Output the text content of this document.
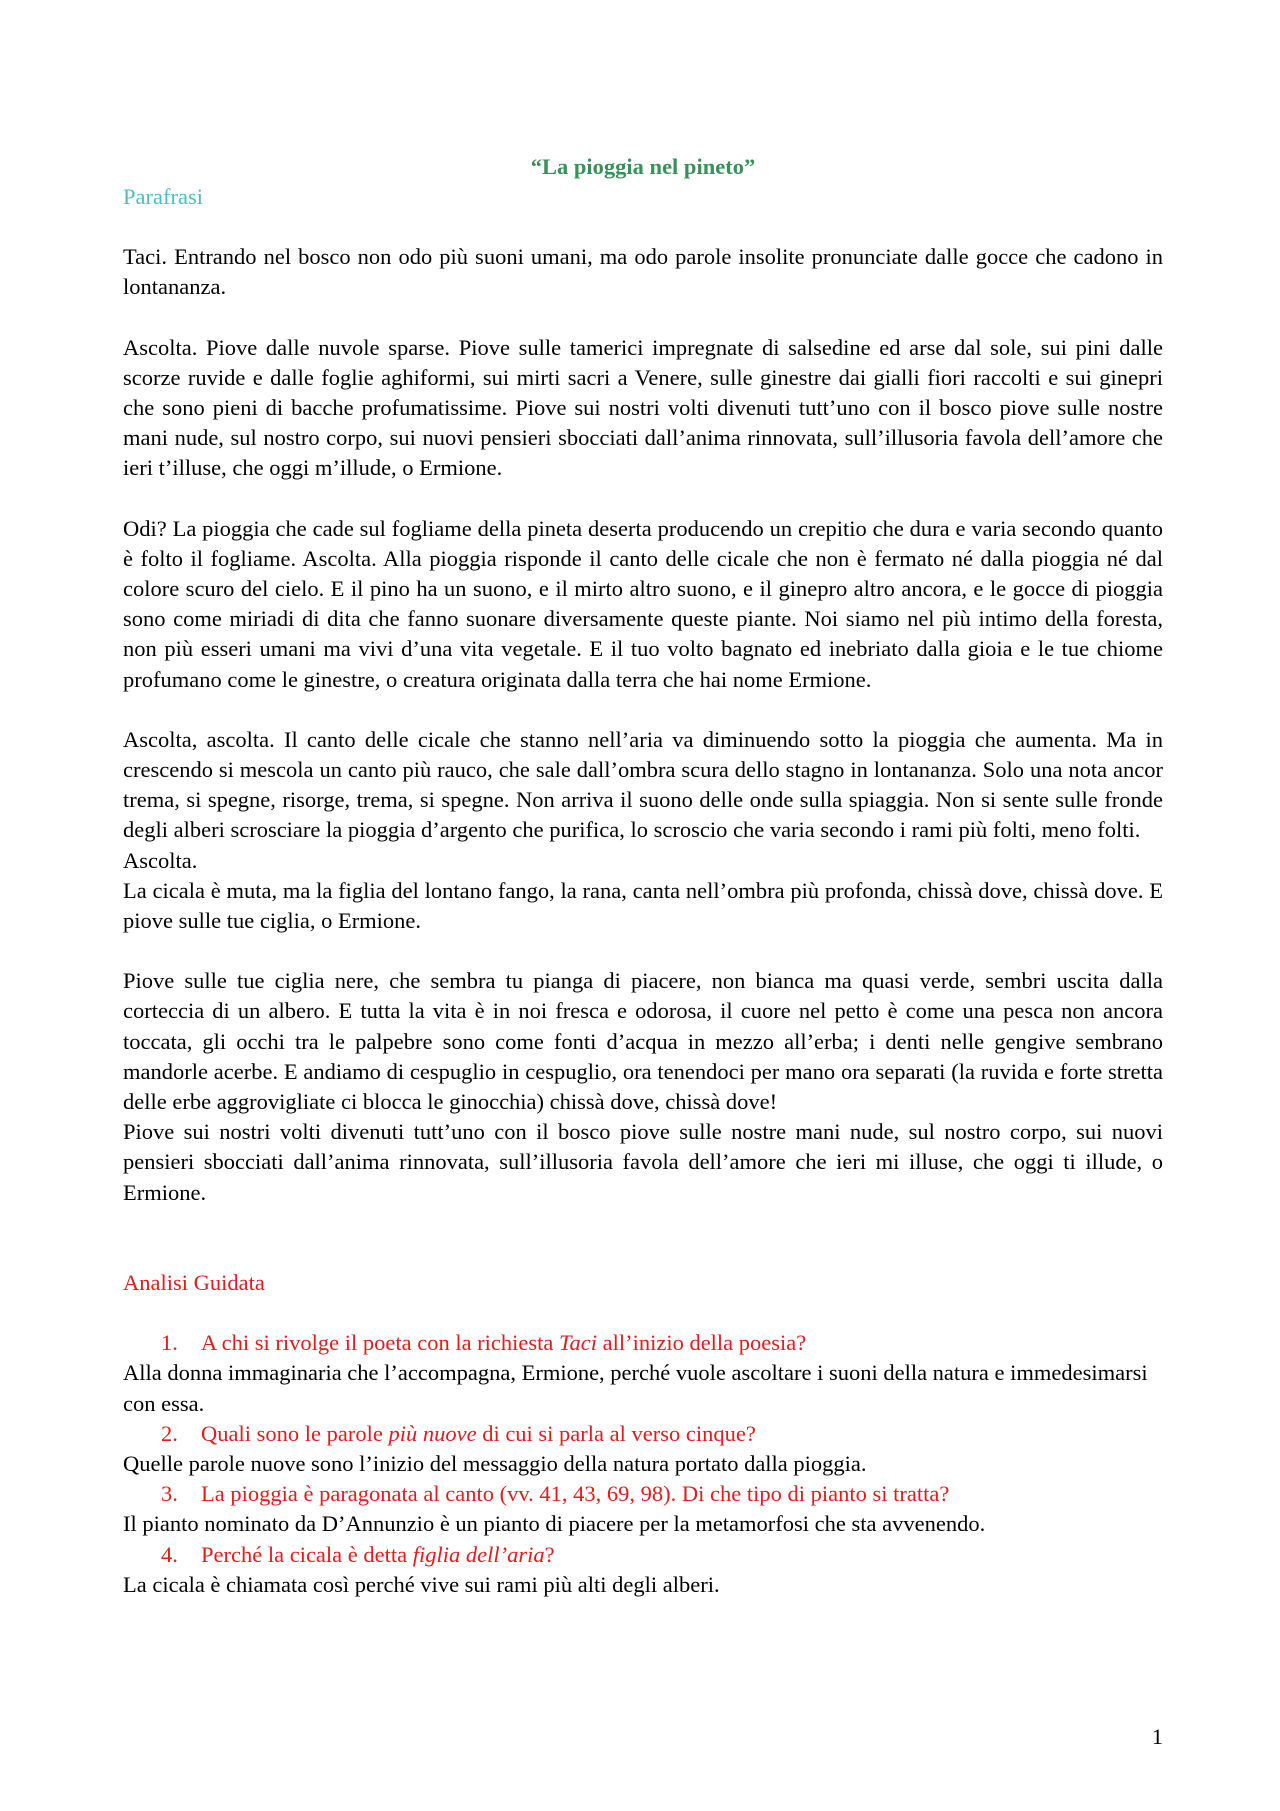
“La pioggia nel pineto”

Parafrasi

Taci. Entrando nel bosco non odo più suoni umani, ma odo parole insolite pronunciate dalle gocce che cadono in lontananza.

Ascolta. Piove dalle nuvole sparse. Piove sulle tamerici impregnate di salsedine ed arse dal sole, sui pini dalle scorze ruvide e dalle foglie aghiformi, sui mirti sacri a Venere, sulle ginestre dai gialli fiori raccolti e sui ginepri che sono pieni di bacche profumatissime. Piove sui nostri volti divenuti tutt’uno con il bosco piove sulle nostre mani nude, sul nostro corpo, sui nuovi pensieri sbocciati dall’anima rinnovata, sull’illusoria favola dell’amore che ieri t’illuse, che oggi m’illude, o Ermione.

Odi? La pioggia che cade sul fogliame della pineta deserta producendo un crepitio che dura e varia secondo quanto è folto il fogliame. Ascolta. Alla pioggia risponde il canto delle cicale che non è fermato né dalla pioggia né dal colore scuro del cielo. E il pino ha un suono, e il mirto altro suono, e il ginepro altro ancora, e le gocce di pioggia sono come miriadi di dita che fanno suonare diversamente queste piante. Noi siamo nel più intimo della foresta, non più esseri umani ma vivi d’una vita vegetale. E il tuo volto bagnato ed inebriato dalla gioia e le tue chiome profumano come le ginestre, o creatura originata dalla terra che hai nome Ermione.

Ascolta, ascolta. Il canto delle cicale che stanno nell’aria va diminuendo sotto la pioggia che aumenta. Ma in crescendo si mescola un canto più rauco, che sale dall’ombra scura dello stagno in lontananza. Solo una nota ancor trema, si spegne, risorge, trema, si spegne. Non arriva il suono delle onde sulla spiaggia. Non si sente sulle fronde degli alberi scrosciare la pioggia d’argento che purifica, lo scroscio che varia secondo i rami più folti, meno folti.

Ascolta.

La cicala è muta, ma la figlia del lontano fango, la rana, canta nell’ombra più profonda, chissà dove, chissà dove. E piove sulle tue ciglia, o Ermione.

Piove sulle tue ciglia nere, che sembra tu pianga di piacere, non bianca ma quasi verde, sembri uscita dalla corteccia di un albero. E tutta la vita è in noi fresca e odorosa, il cuore nel petto è come una pesca non ancora toccata, gli occhi tra le palpebre sono come fonti d’acqua in mezzo all’erba; i denti nelle gengive sembrano mandorle acerbe. E andiamo di cespuglio in cespuglio, ora tenendoci per mano ora separati (la ruvida e forte stretta delle erbe aggrovigliate ci blocca le ginocchia) chissà dove, chissà dove!

Piove sui nostri volti divenuti tutt’uno con il bosco piove sulle nostre mani nude, sul nostro corpo, sui nuovi pensieri sbocciati dall’anima rinnovata, sull’illusoria favola dell’amore che ieri mi illuse, che oggi ti illude, o Ermione.

Analisi Guidata

1. A chi si rivolge il poeta con la richiesta Taci all’inizio della poesia?

Alla donna immaginaria che l’accompagna, Ermione, perché vuole ascoltare i suoni della natura e immedesimarsi con essa.

2. Quali sono le parole più nuove di cui si parla al verso cinque?

Quelle parole nuove sono l’inizio del messaggio della natura portato dalla pioggia.

3. La pioggia è paragonata al canto (vv. 41, 43, 69, 98). Di che tipo di pianto si tratta?

Il pianto nominato da D’Annunzio è un pianto di piacere per la metamorfosi che sta avvenendo.

4. Perché la cicala è detta figlia dell’aria?

La cicala è chiamata così perché vive sui rami più alti degli alberi.

1
